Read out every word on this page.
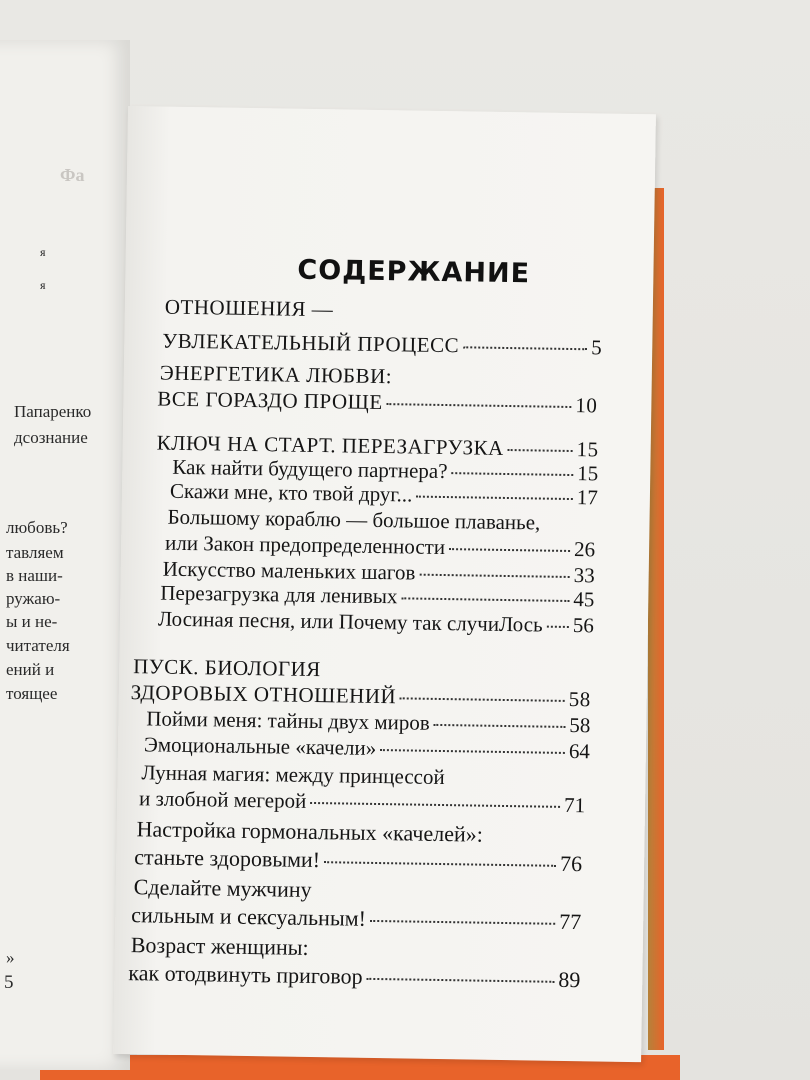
Фа
я
я
Папаренко
дсознание
любовь?
тавляем
в наши-
ружаю-
ы и не-
читателя
ений и
тоящее
»
5
СОДЕРЖАНИЕ
ОТНОШЕНИЯ —
УВЛЕКАТЕЛЬНЫЙ ПРОЦЕСС	5
ЭНЕРГЕТИКА ЛЮБВИ:
ВСЕ ГОРАЗДО ПРОЩЕ	10
КЛЮЧ НА СТАРТ. ПЕРЕЗАГРУЗКА	15
Как найти будущего партнера?	15
Скажи мне, кто твой друг...	17
Большому кораблю — большое плаванье,
или Закон предопределенности	26
Искусство маленьких шагов	33
Перезагрузка для ленивых	45
Лосиная песня, или Почему так случиЛось 56
ПУСК. БИОЛОГИЯ
ЗДОРОВЫХ ОТНОШЕНИЙ	58
Пойми меня: тайны двух миров	58
Эмоциональные «качели»	64
Лунная магия: между принцессой
и злобной мегерой	71
Настройка гормональных «качелей»:
станьте здоровыми!	76
Сделайте мужчину
сильным и сексуальным!	77
Возраст женщины:
как отодвинуть приговор	89
